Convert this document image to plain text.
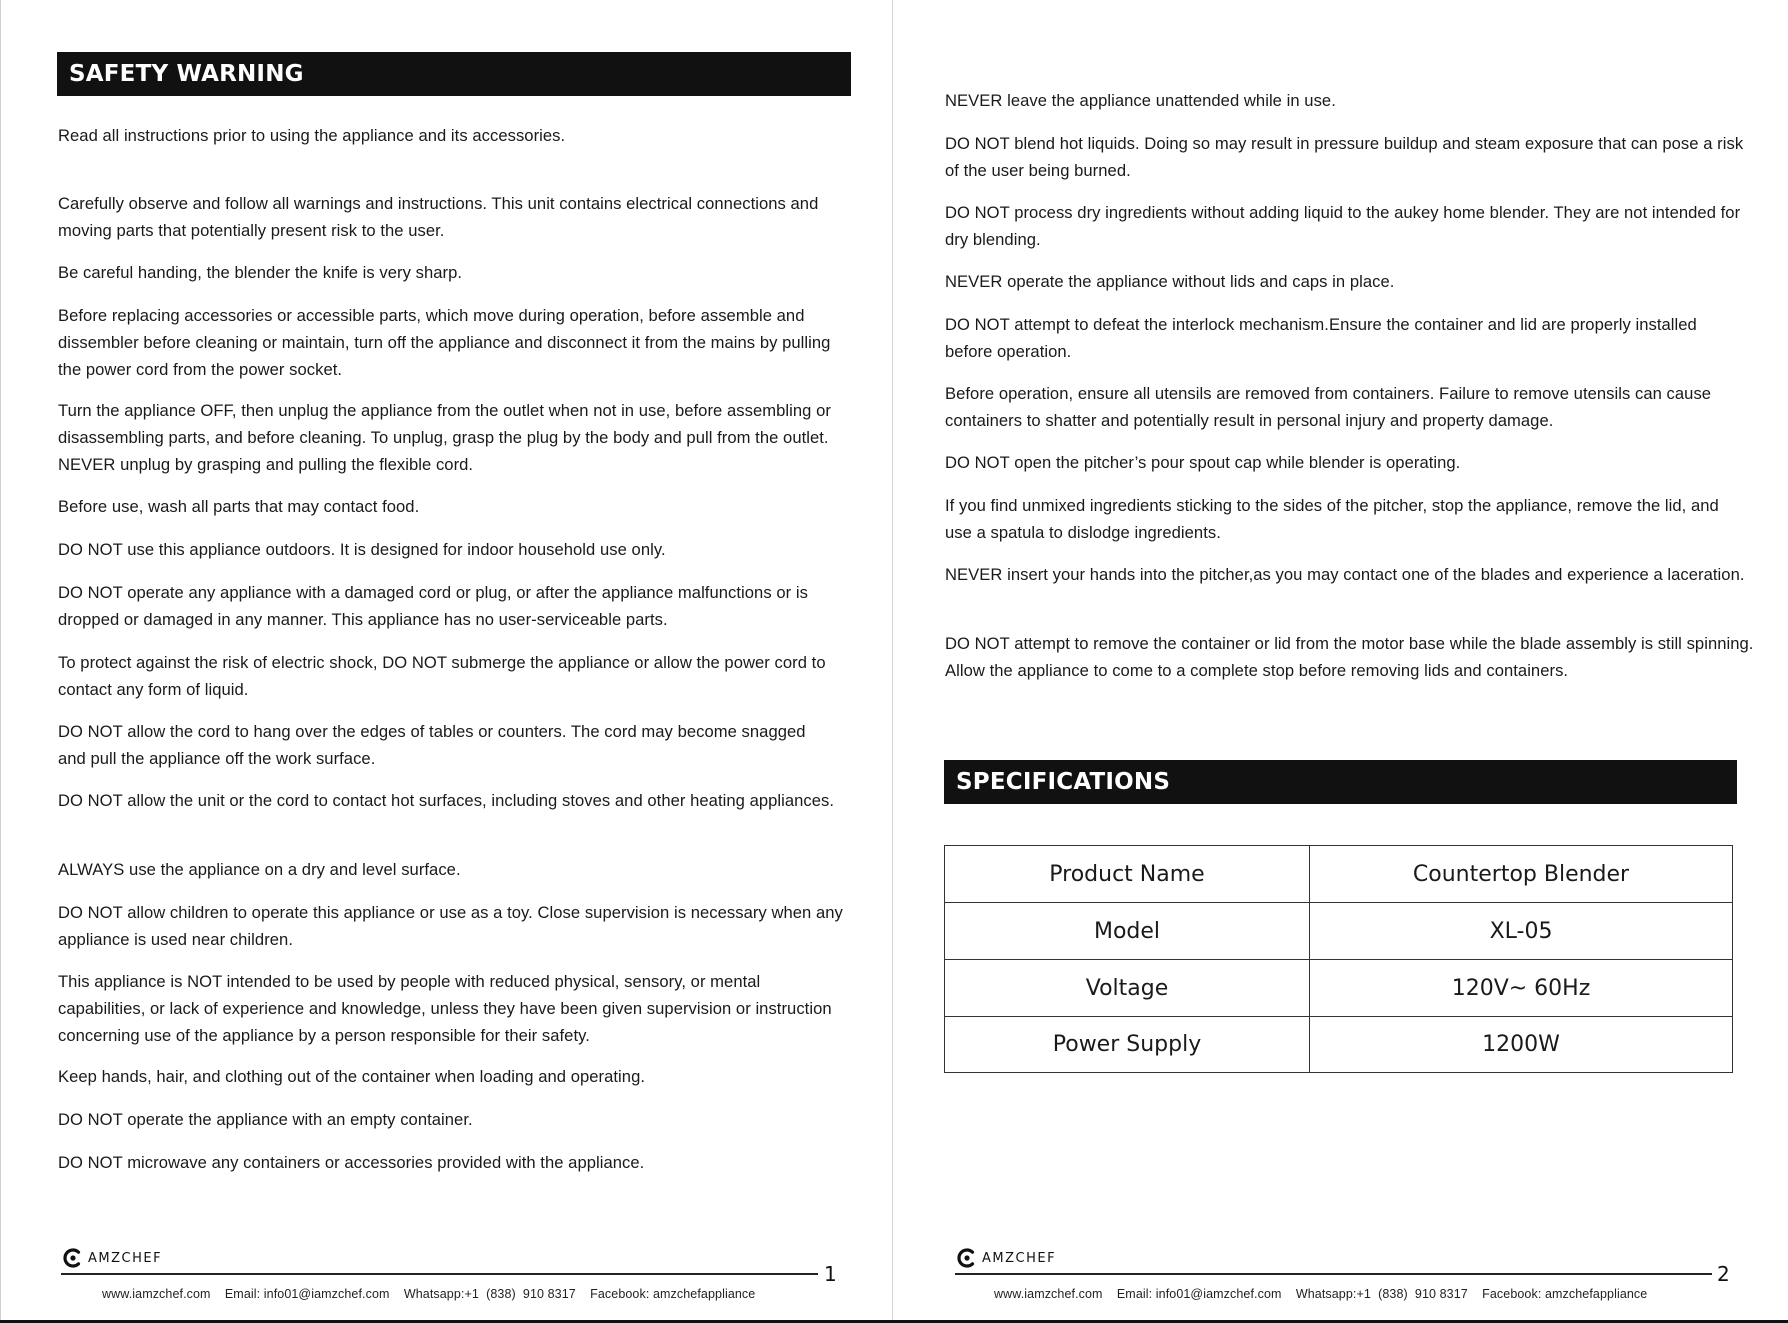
SAFETY WARNING

Read all instructions prior to using the appliance and its accessories.

Carefully observe and follow all warnings and instructions. This unit contains electrical connections and moving parts that potentially present risk to the user.

Be careful handing, the blender the knife is very sharp.

Before replacing accessories or accessible parts, which move during operation, before assemble and dissembler before cleaning or maintain, turn off the appliance and disconnect it from the mains by pulling the power cord from the power socket.

Turn the appliance OFF, then unplug the appliance from the outlet when not in use, before assembling or disassembling parts, and before cleaning. To unplug, grasp the plug by the body and pull from the outlet. NEVER unplug by grasping and pulling the flexible cord.

Before use, wash all parts that may contact food.

DO NOT use this appliance outdoors. It is designed for indoor household use only.

DO NOT operate any appliance with a damaged cord or plug, or after the appliance malfunctions or is dropped or damaged in any manner. This appliance has no user-serviceable parts.

To protect against the risk of electric shock, DO NOT submerge the appliance or allow the power cord to contact any form of liquid.

DO NOT allow the cord to hang over the edges of tables or counters. The cord may become snagged and pull the appliance off the work surface.

DO NOT allow the unit or the cord to contact hot surfaces, including stoves and other heating appliances.

ALWAYS use the appliance on a dry and level surface.

DO NOT allow children to operate this appliance or use as a toy. Close supervision is necessary when any appliance is used near children.

This appliance is NOT intended to be used by people with reduced physical, sensory, or mental capabilities, or lack of experience and knowledge, unless they have been given supervision or instruction concerning use of the appliance by a person responsible for their safety.

Keep hands, hair, and clothing out of the container when loading and operating.

DO NOT operate the appliance with an empty container.

DO NOT microwave any containers or accessories provided with the appliance.

AMZCHEF
1
www.iamzchef.com Email: info01@iamzchef.com Whatsapp:+1  (838)  910 8317 Facebook: amzchefappliance

NEVER leave the appliance unattended while in use.

DO NOT blend hot liquids. Doing so may result in pressure buildup and steam exposure that can pose a risk of the user being burned.

DO NOT process dry ingredients without adding liquid to the aukey home blender. They are not intended for dry blending.

NEVER operate the appliance without lids and caps in place.

DO NOT attempt to defeat the interlock mechanism.Ensure the container and lid are properly installed before operation.

Before operation, ensure all utensils are removed from containers. Failure to remove utensils can cause containers to shatter and potentially result in personal injury and property damage.

DO NOT open the pitcher’s pour spout cap while blender is operating.

If you find unmixed ingredients sticking to the sides of the pitcher, stop the appliance, remove the lid, and use a spatula to dislodge ingredients.

NEVER insert your hands into the pitcher,as you may contact one of the blades and experience a laceration.

DO NOT attempt to remove the container or lid from the motor base while the blade assembly is still spinning. Allow the appliance to come to a complete stop before removing lids and containers.

SPECIFICATIONS
Product Name	Countertop Blender
Model	XL-05
Voltage	120V~ 60Hz
Power Supply	1200W
AMZCHEF
2
www.iamzchef.com Email: info01@iamzchef.com Whatsapp:+1  (838)  910 8317 Facebook: amzchefappliance
